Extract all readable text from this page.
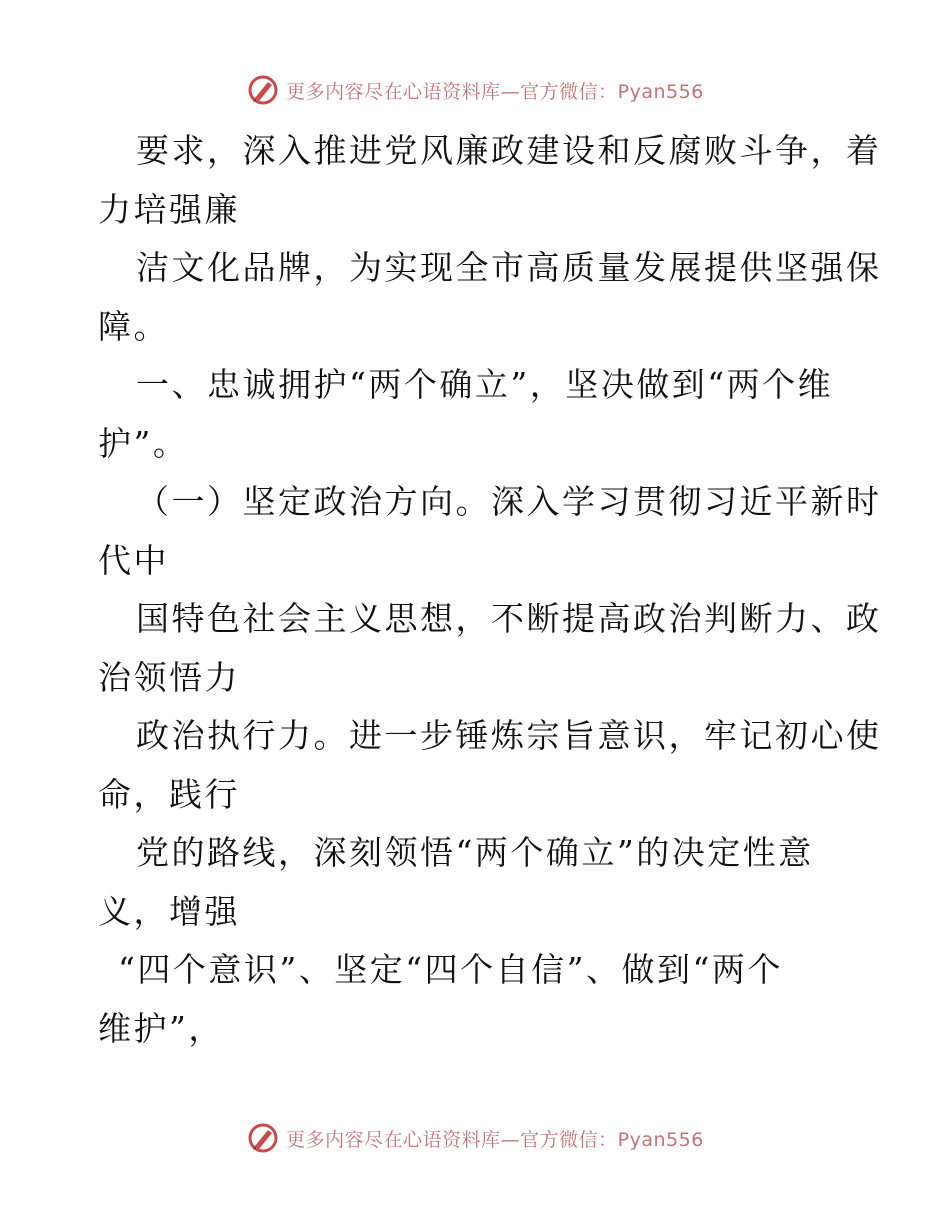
更多内容尽在心语资料库—官方微信：Pyan556
要求，深入推进党风廉政建设和反腐败斗争，着
力培强廉
洁文化品牌，为实现全市高质量发展提供坚强保
障。
一、忠诚拥护“两个确立”，坚决做到“两个维
护”。
（一）坚定政治方向。深入学习贯彻习近平新时
代中
国特色社会主义思想，不断提高政治判断力、政
治领悟力
政治执行力。进一步锤炼宗旨意识，牢记初心使
命，践行
党的路线，深刻领悟“两个确立”的决定性意
义，增强
“四个意识”、坚定“四个自信”、做到“两个
维护”，
更多内容尽在心语资料库—官方微信：Pyan556
